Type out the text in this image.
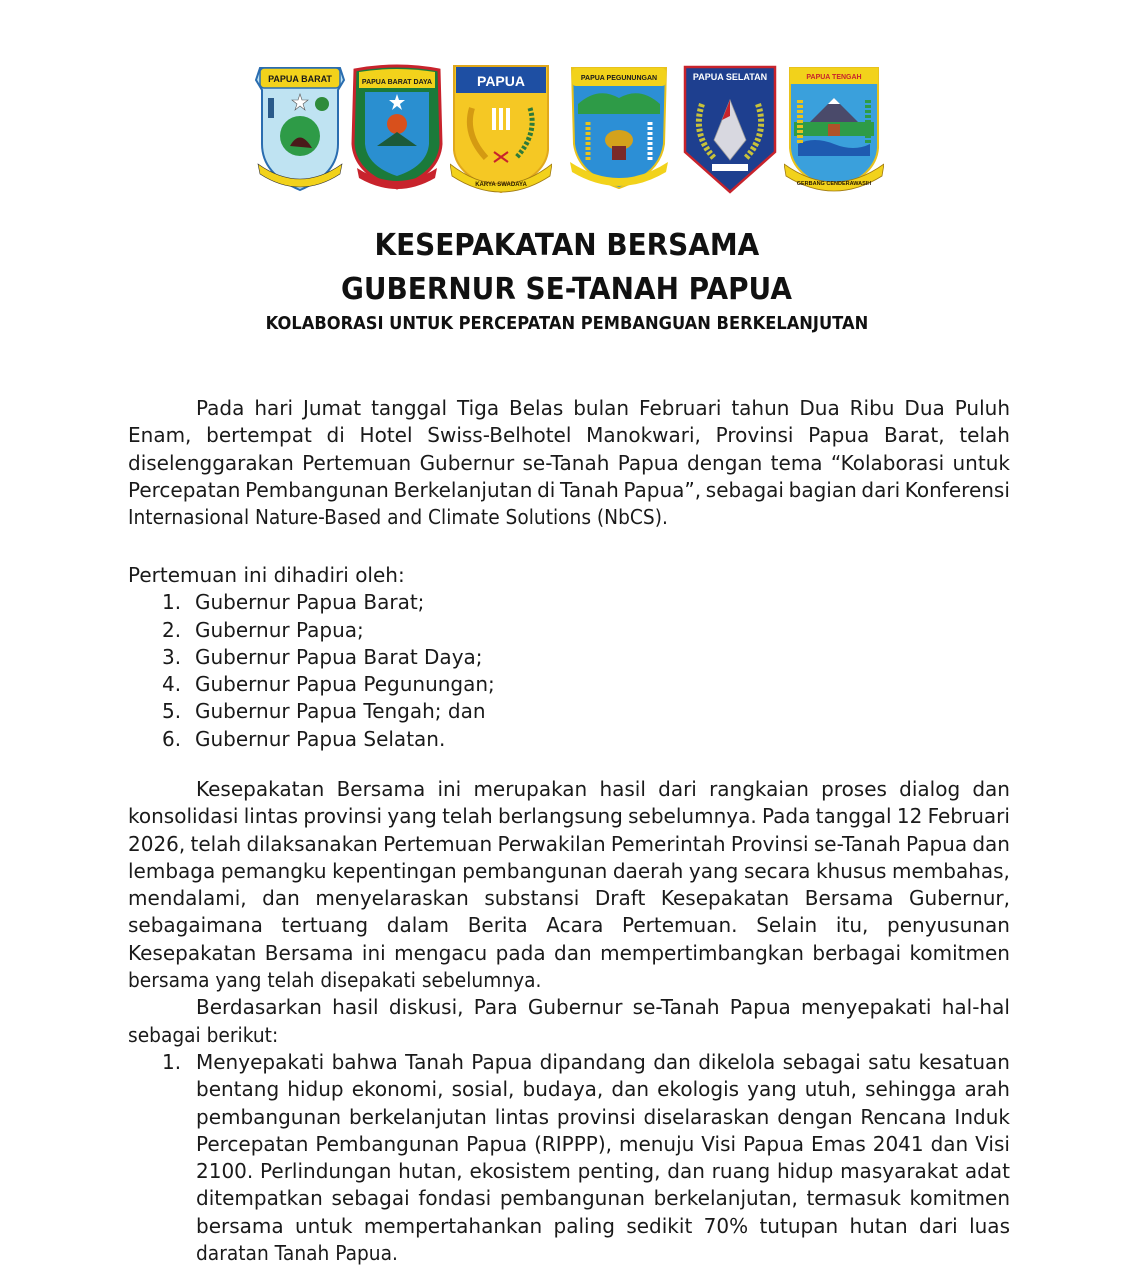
PAPUA BARAT	PAPUA BARAT DAYA	PAPUA
KARYA SWADAYA
PAPUA PEGUNUNGAN	PAPUA SELATAN	PAPUA TENGAH
GERBANG CENDERAWASIH
KESEPAKATAN BERSAMA
GUBERNUR SE-TANAH PAPUA
KOLABORASI UNTUK PERCEPATAN PEMBANGUAN BERKELANJUTAN
Pada hari Jumat tanggal Tiga Belas bulan Februari tahun Dua Ribu Dua Puluh
Enam, bertempat di Hotel Swiss-Belhotel Manokwari, Provinsi Papua Barat, telah
diselenggarakan Pertemuan Gubernur se-Tanah Papua dengan tema “Kolaborasi untuk
Percepatan Pembangunan Berkelanjutan di Tanah Papua”, sebagai bagian dari Konferensi
Internasional Nature-Based and Climate Solutions (NbCS).
Pertemuan ini dihadiri oleh:
1. Gubernur Papua Barat;
2. Gubernur Papua;
3. Gubernur Papua Barat Daya;
4. Gubernur Papua Pegunungan;
5. Gubernur Papua Tengah; dan
6. Gubernur Papua Selatan.
Kesepakatan Bersama ini merupakan hasil dari rangkaian proses dialog dan
konsolidasi lintas provinsi yang telah berlangsung sebelumnya. Pada tanggal 12 Februari
2026, telah dilaksanakan Pertemuan Perwakilan Pemerintah Provinsi se-Tanah Papua dan
lembaga pemangku kepentingan pembangunan daerah yang secara khusus membahas,
mendalami, dan menyelaraskan substansi Draft Kesepakatan Bersama Gubernur,
sebagaimana tertuang dalam Berita Acara Pertemuan. Selain itu, penyusunan
Kesepakatan Bersama ini mengacu pada dan mempertimbangkan berbagai komitmen
bersama yang telah disepakati sebelumnya.
Berdasarkan hasil diskusi, Para Gubernur se-Tanah Papua menyepakati hal-hal
sebagai berikut:
1. Menyepakati bahwa Tanah Papua dipandang dan dikelola sebagai satu kesatuan
bentang hidup ekonomi, sosial, budaya, dan ekologis yang utuh, sehingga arah
pembangunan berkelanjutan lintas provinsi diselaraskan dengan Rencana Induk
Percepatan Pembangunan Papua (RIPPP), menuju Visi Papua Emas 2041 dan Visi
2100. Perlindungan hutan, ekosistem penting, dan ruang hidup masyarakat adat
ditempatkan sebagai fondasi pembangunan berkelanjutan, termasuk komitmen
bersama untuk mempertahankan paling sedikit 70% tutupan hutan dari luas
daratan Tanah Papua.
